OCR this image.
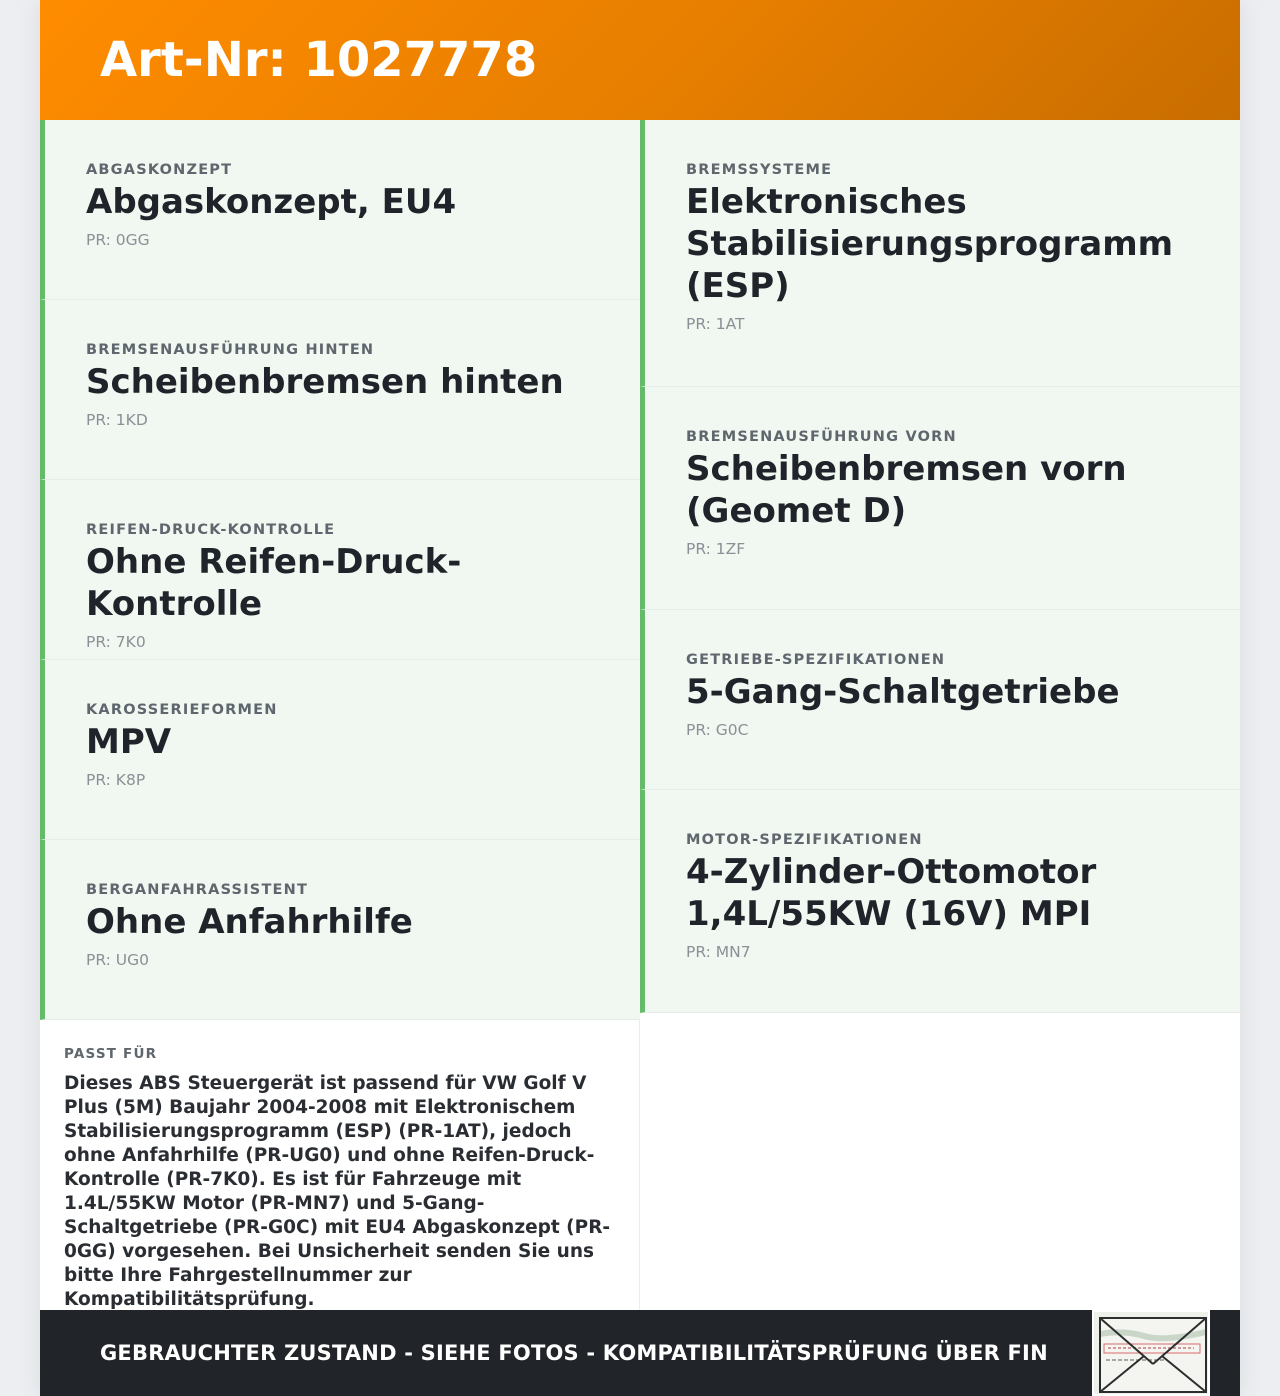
Art-Nr: 1027778
ABGASKONZEPT
Abgaskonzept, EU4
PR: 0GG
BREMSENAUSFÜHRUNG HINTEN
Scheibenbremsen hinten
PR: 1KD
REIFEN-DRUCK-KONTROLLE
Ohne Reifen-Druck-Kontrolle
PR: 7K0
KAROSSERIEFORMEN
MPV
PR: K8P
BERGANFAHRASSISTENT
Ohne Anfahrhilfe
PR: UG0
PASST FÜR
Dieses ABS Steuergerät ist passend für VW Golf V Plus (5M) Baujahr 2004-2008 mit Elektronischem Stabilisierungsprogramm (ESP) (PR-1AT), jedoch ohne Anfahrhilfe (PR-UG0) und ohne Reifen-Druck-Kontrolle (PR-7K0). Es ist für Fahrzeuge mit 1.4L/55KW Motor (PR-MN7) und 5-Gang-Schaltgetriebe (PR-G0C) mit EU4 Abgaskonzept (PR-0GG) vorgesehen. Bei Unsicherheit senden Sie uns bitte Ihre Fahrgestellnummer zur Kompatibilitätsprüfung.
BREMSSYSTEME
Elektronisches Stabilisierungsprogramm (ESP)
PR: 1AT
BREMSENAUSFÜHRUNG VORN
Scheibenbremsen vorn (Geomet D)
PR: 1ZF
GETRIEBE-SPEZIFIKATIONEN
5-Gang-Schaltgetriebe
PR: G0C
MOTOR-SPEZIFIKATIONEN
4-Zylinder-Ottomotor 1,4L/55KW (16V) MPI
PR: MN7
GEBRAUCHTER ZUSTAND - SIEHE FOTOS - KOMPATIBILITÄTSPRÜFUNG ÜBER FIN
